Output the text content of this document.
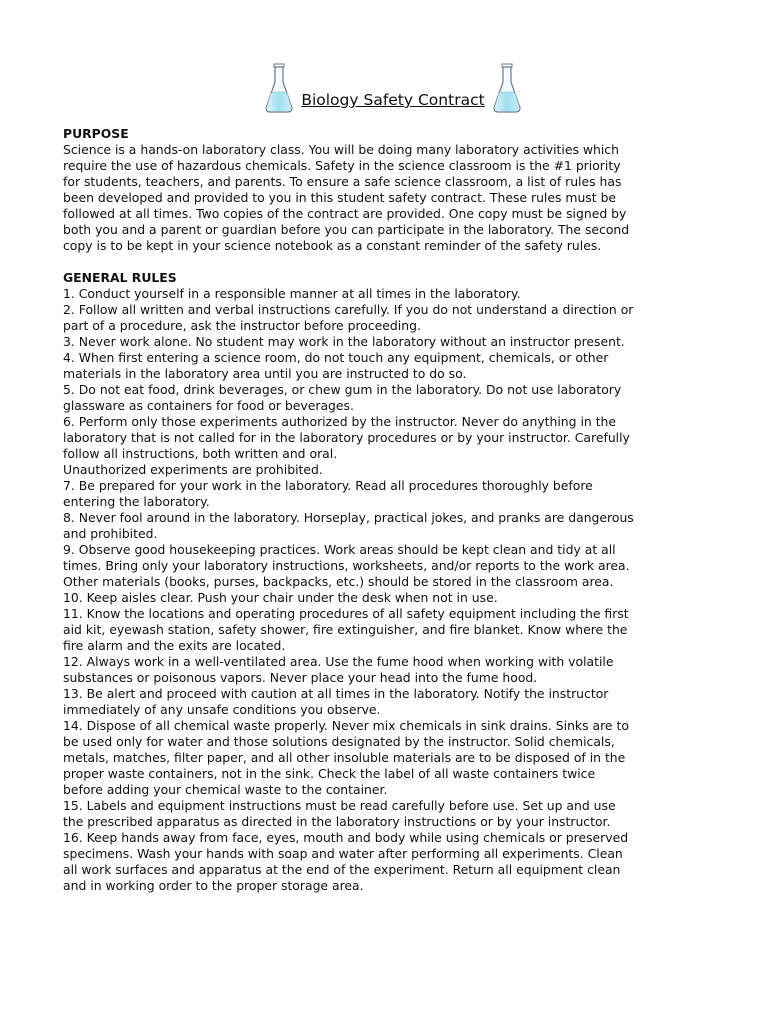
Biology Safety Contract

PURPOSE

Science is a hands-on laboratory class. You will be doing many laboratory activities which
require the use of hazardous chemicals. Safety in the science classroom is the #1 priority
for students, teachers, and parents. To ensure a safe science classroom, a list of rules has
been developed and provided to you in this student safety contract. These rules must be
followed at all times. Two copies of the contract are provided. One copy must be signed by
both you and a parent or guardian before you can participate in the laboratory. The second
copy is to be kept in your science notebook as a constant reminder of the safety rules.

GENERAL RULES

1. Conduct yourself in a responsible manner at all times in the laboratory.

2. Follow all written and verbal instructions carefully. If you do not understand a direction or
part of a procedure, ask the instructor before proceeding.

3. Never work alone. No student may work in the laboratory without an instructor present.

4. When first entering a science room, do not touch any equipment, chemicals, or other
materials in the laboratory area until you are instructed to do so.

5. Do not eat food, drink beverages, or chew gum in the laboratory. Do not use laboratory
glassware as containers for food or beverages.

6. Perform only those experiments authorized by the instructor. Never do anything in the
laboratory that is not called for in the laboratory procedures or by your instructor. Carefully
follow all instructions, both written and oral.
Unauthorized experiments are prohibited.

7. Be prepared for your work in the laboratory. Read all procedures thoroughly before
entering the laboratory.

8. Never fool around in the laboratory. Horseplay, practical jokes, and pranks are dangerous
and prohibited.

9. Observe good housekeeping practices. Work areas should be kept clean and tidy at all
times. Bring only your laboratory instructions, worksheets, and/or reports to the work area.
Other materials (books, purses, backpacks, etc.) should be stored in the classroom area.

10. Keep aisles clear. Push your chair under the desk when not in use.

11. Know the locations and operating procedures of all safety equipment including the first
aid kit, eyewash station, safety shower, fire extinguisher, and fire blanket. Know where the
fire alarm and the exits are located.

12. Always work in a well-ventilated area. Use the fume hood when working with volatile
substances or poisonous vapors. Never place your head into the fume hood.

13. Be alert and proceed with caution at all times in the laboratory. Notify the instructor
immediately of any unsafe conditions you observe.

14. Dispose of all chemical waste properly. Never mix chemicals in sink drains. Sinks are to
be used only for water and those solutions designated by the instructor. Solid chemicals,
metals, matches, filter paper, and all other insoluble materials are to be disposed of in the
proper waste containers, not in the sink. Check the label of all waste containers twice
before adding your chemical waste to the container.

15. Labels and equipment instructions must be read carefully before use. Set up and use
the prescribed apparatus as directed in the laboratory instructions or by your instructor.

16. Keep hands away from face, eyes, mouth and body while using chemicals or preserved
specimens. Wash your hands with soap and water after performing all experiments. Clean
all work surfaces and apparatus at the end of the experiment. Return all equipment clean
and in working order to the proper storage area.
